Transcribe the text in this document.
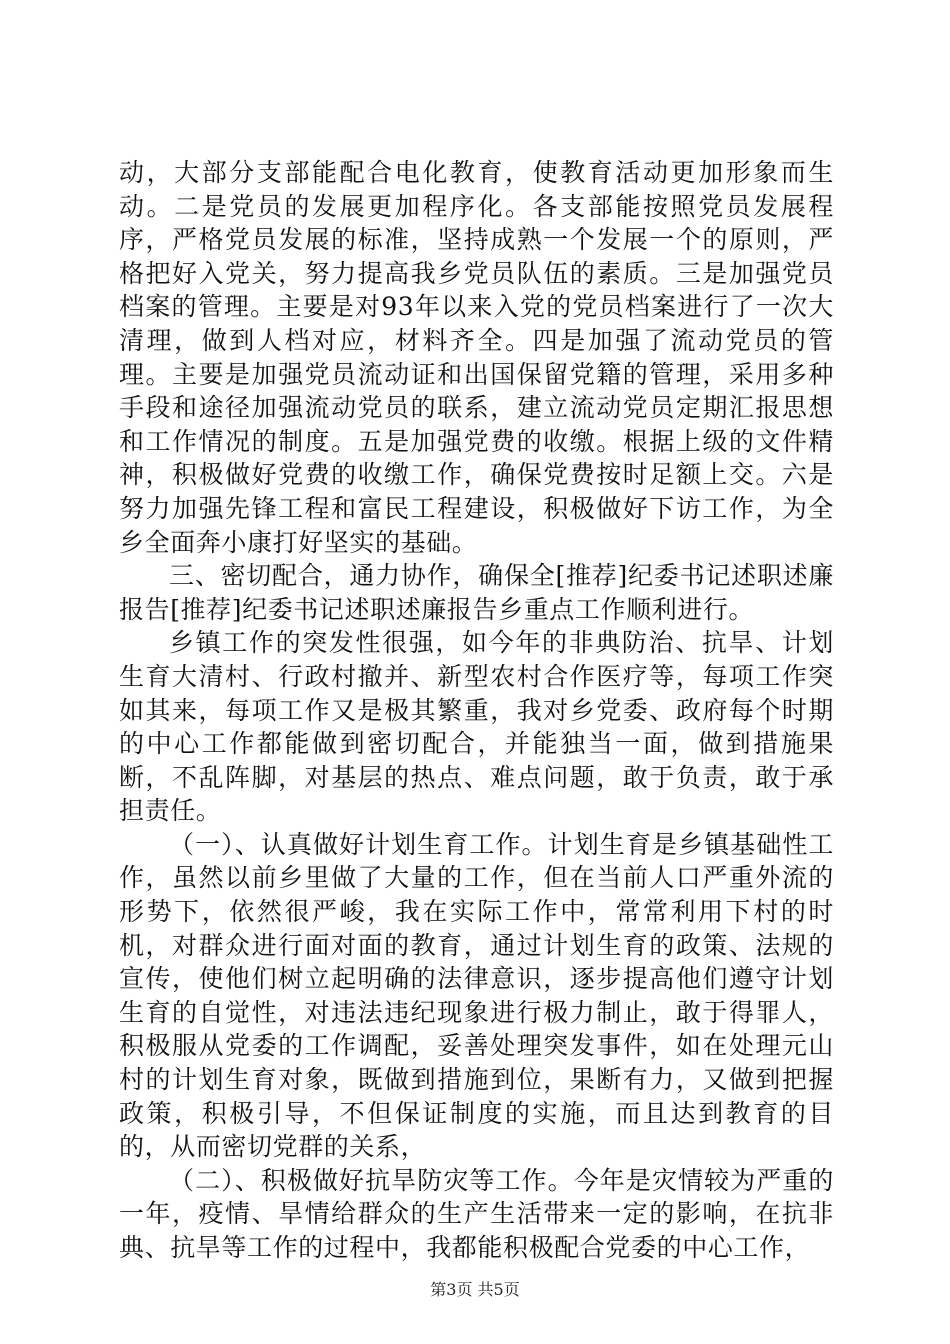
动，大部分支部能配合电化教育，使教育活动更加形象而生动。二是党员的发展更加程序化。各支部能按照党员发展程序，严格党员发展的标准，坚持成熟一个发展一个的原则，严格把好入党关，努力提高我乡党员队伍的素质。三是加强党员档案的管理。主要是对93年以来入党的党员档案进行了一次大清理，做到人档对应，材料齐全。四是加强了流动党员的管理。主要是加强党员流动证和出国保留党籍的管理，采用多种手段和途径加强流动党员的联系，建立流动党员定期汇报思想和工作情况的制度。五是加强党费的收缴。根据上级的文件精神，积极做好党费的收缴工作，确保党费按时足额上交。六是努力加强先锋工程和富民工程建设，积极做好下访工作，为全乡全面奔小康打好坚实的基础。

三、密切配合，通力协作，确保全[推荐]纪委书记述职述廉报告[推荐]纪委书记述职述廉报告乡重点工作顺利进行。

乡镇工作的突发性很强，如今年的非典防治、抗旱、计划生育大清村、行政村撤并、新型农村合作医疗等，每项工作突如其来，每项工作又是极其繁重，我对乡党委、政府每个时期的中心工作都能做到密切配合，并能独当一面，做到措施果断，不乱阵脚，对基层的热点、难点问题，敢于负责，敢于承担责任。

（一）、认真做好计划生育工作。计划生育是乡镇基础性工作，虽然以前乡里做了大量的工作，但在当前人口严重外流的形势下，依然很严峻，我在实际工作中，常常利用下村的时机，对群众进行面对面的教育，通过计划生育的政策、法规的宣传，使他们树立起明确的法律意识，逐步提高他们遵守计划生育的自觉性，对违法违纪现象进行极力制止，敢于得罪人，积极服从党委的工作调配，妥善处理突发事件，如在处理元山村的计划生育对象，既做到措施到位，果断有力，又做到把握政策，积极引导，不但保证制度的实施，而且达到教育的目的，从而密切党群的关系，

（二）、积极做好抗旱防灾等工作。今年是灾情较为严重的一年，疫情、旱情给群众的生产生活带来一定的影响，在抗非典、抗旱等工作的过程中，我都能积极配合党委的中心工作，

第3页 共5页
